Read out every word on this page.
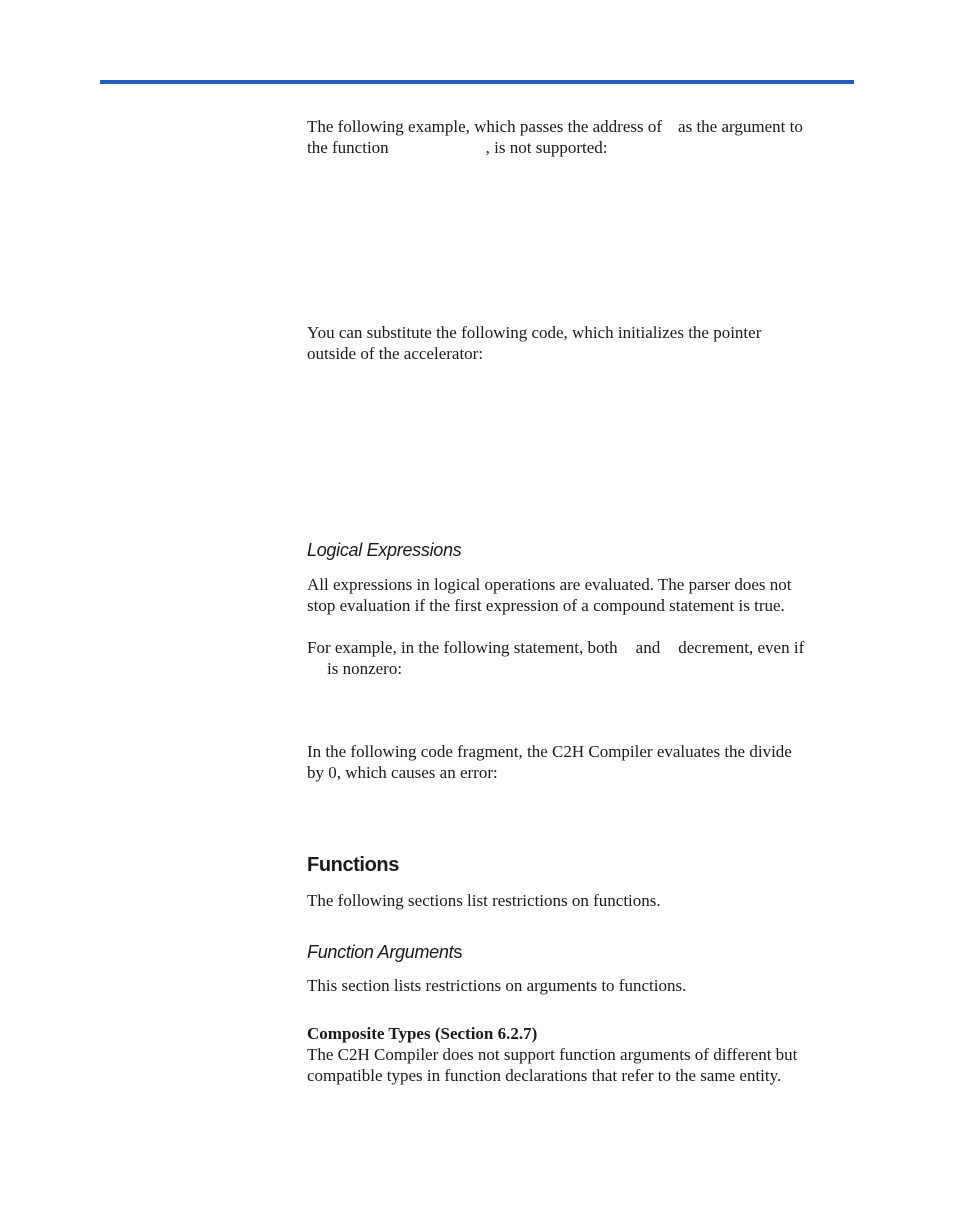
The following example, which passes the address of as the argument to
the function	, is not supported:

You can substitute the following code, which initializes the pointer
outside of the accelerator:

Logical Expressions

All expressions in logical operations are evaluated. The parser does not
stop evaluation if the first expression of a compound statement is true.

For example, in the following statement, both and decrement, even if
is nonzero:

In the following code fragment, the C2H Compiler evaluates the divide
by 0, which causes an error:

Functions

The following sections list restrictions on functions.

Function Arguments

This section lists restrictions on arguments to functions.

Composite Types (Section 6.2.7)
The C2H Compiler does not support function arguments of different but
compatible types in function declarations that refer to the same entity.
